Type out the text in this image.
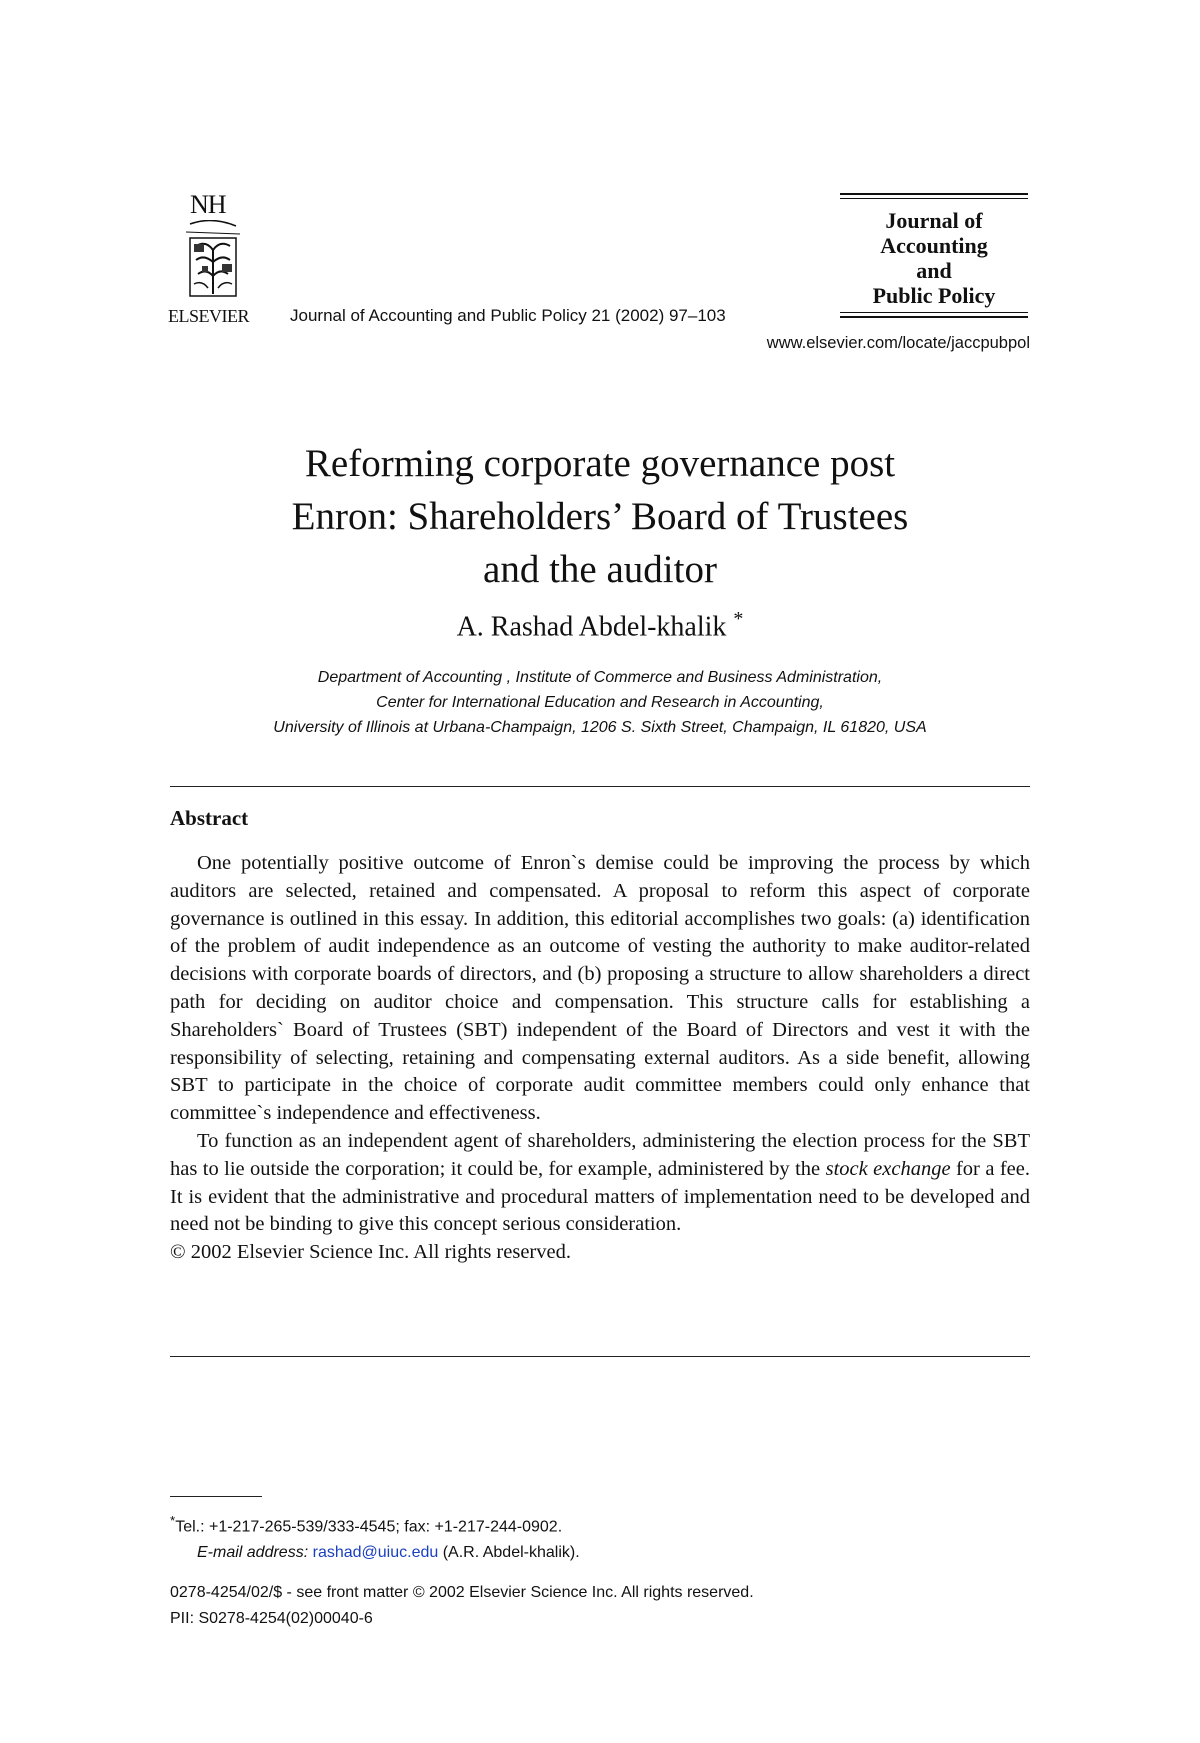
NH
ELSEVIER Journal of Accounting and Public Policy 21 (2002) 97–103
Journal of
Accounting
and
Public Policy
www.elsevier.com/locate/jaccpubpol
Reforming corporate governance post
Enron: Shareholders’ Board of Trustees
and the auditor
A. Rashad Abdel-khalik *
Department of Accounting , Institute of Commerce and Business Administration,
Center for International Education and Research in Accounting,
University of Illinois at Urbana-Champaign, 1206 S. Sixth Street, Champaign, IL 61820, USA
Abstract

One potentially positive outcome of Enron`s demise could be improving the process by which auditors are selected, retained and compensated. A proposal to reform this aspect of corporate governance is outlined in this essay. In addition, this editorial accomplishes two goals: (a) identification of the problem of audit independence as an outcome of vesting the authority to make auditor-related decisions with corporate boards of directors, and (b) proposing a structure to allow shareholders a direct path for deciding on auditor choice and compensation. This structure calls for establishing a Shareholders` Board of Trustees (SBT) independent of the Board of Directors and vest it with the responsibility of selecting, retaining and compensating external auditors. As a side benefit, allowing SBT to participate in the choice of corporate audit committee members could only enhance that committee`s independence and effectiveness.

To function as an independent agent of shareholders, administering the election process for the SBT has to lie outside the corporation; it could be, for example, administered by the stock exchange for a fee. It is evident that the administrative and procedural matters of implementation need to be developed and need not be binding to give this concept serious consideration.

© 2002 Elsevier Science Inc. All rights reserved.

*Tel.: +1-217-265-539/333-4545; fax: +1-217-244-0902.
E-mail address: rashad@uiuc.edu (A.R. Abdel-khalik).
0278-4254/02/$ - see front matter © 2002 Elsevier Science Inc. All rights reserved.
PII: S0278-4254(02)00040-6
